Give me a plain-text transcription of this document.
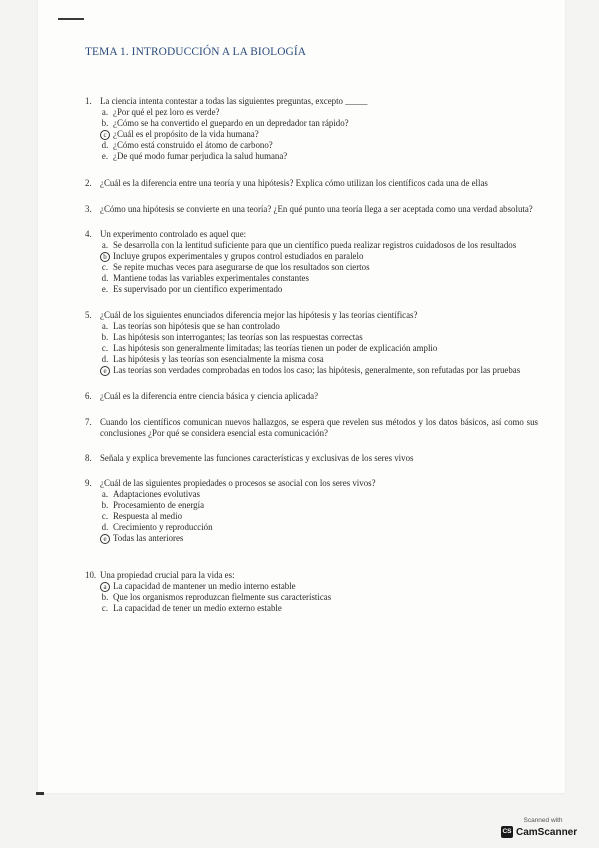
TEMA 1. INTRODUCCIÓN A LA BIOLOGÍA
1. La ciencia intenta contestar a todas las siguientes preguntas, excepto _____
a. ¿Por qué el pez loro es verde?
b. ¿Cómo se ha convertido el guepardo en un depredador tan rápido?
c ¿Cuál es el propósito de la vida humana?
d. ¿Cómo está construido el átomo de carbono?
e. ¿De qué modo fumar perjudica la salud humana?
2. ¿Cuál es la diferencia entre una teoría y una hipótesis? Explica cómo utilizan los científicos cada una de ellas
3. ¿Cómo una hipótesis se convierte en una teoría? ¿En qué punto una teoría llega a ser aceptada como una verdad absoluta?
4. Un experimento controlado es aquel que:
a. Se desarrolla con la lentitud suficiente para que un científico pueda realizar registros cuidadosos de los resultados
b Incluye grupos experimentales y grupos control estudiados en paralelo
c. Se repite muchas veces para asegurarse de que los resultados son ciertos
d. Mantiene todas las variables experimentales constantes
e. Es supervisado por un científico experimentado
5. ¿Cuál de los siguientes enunciados diferencia mejor las hipótesis y las teorías científicas?
a. Las teorías son hipótesis que se han controlado
b. Las hipótesis son interrogantes; las teorías son las respuestas correctas
c. Las hipótesis son generalmente limitadas; las teorías tienen un poder de explicación amplio
d. Las hipótesis y las teorías son esencialmente la misma cosa
e Las teorías son verdades comprobadas en todos los caso; las hipótesis, generalmente, son refutadas por las pruebas
6. ¿Cuál es la diferencia entre ciencia básica y ciencia aplicada?
7. Cuando los científicos comunican nuevos hallazgos, se espera que revelen sus métodos y los datos básicos, así como sus conclusiones ¿Por qué se considera esencial esta comunicación?
8. Señala y explica brevemente las funciones características y exclusivas de los seres vivos
9. ¿Cuál de las siguientes propiedades o procesos se asocial con los seres vivos?
a. Adaptaciones evolutivas
b. Procesamiento de energía
c. Respuesta al medio
d. Crecimiento y reproducción
e Todas las anteriores
10. Una propiedad crucial para la vida es:
a La capacidad de mantener un medio interno estable
b. Que los organismos reproduzcan fielmente sus características
c. La capacidad de tener un medio externo estable
Scanned with
CS CamScanner
